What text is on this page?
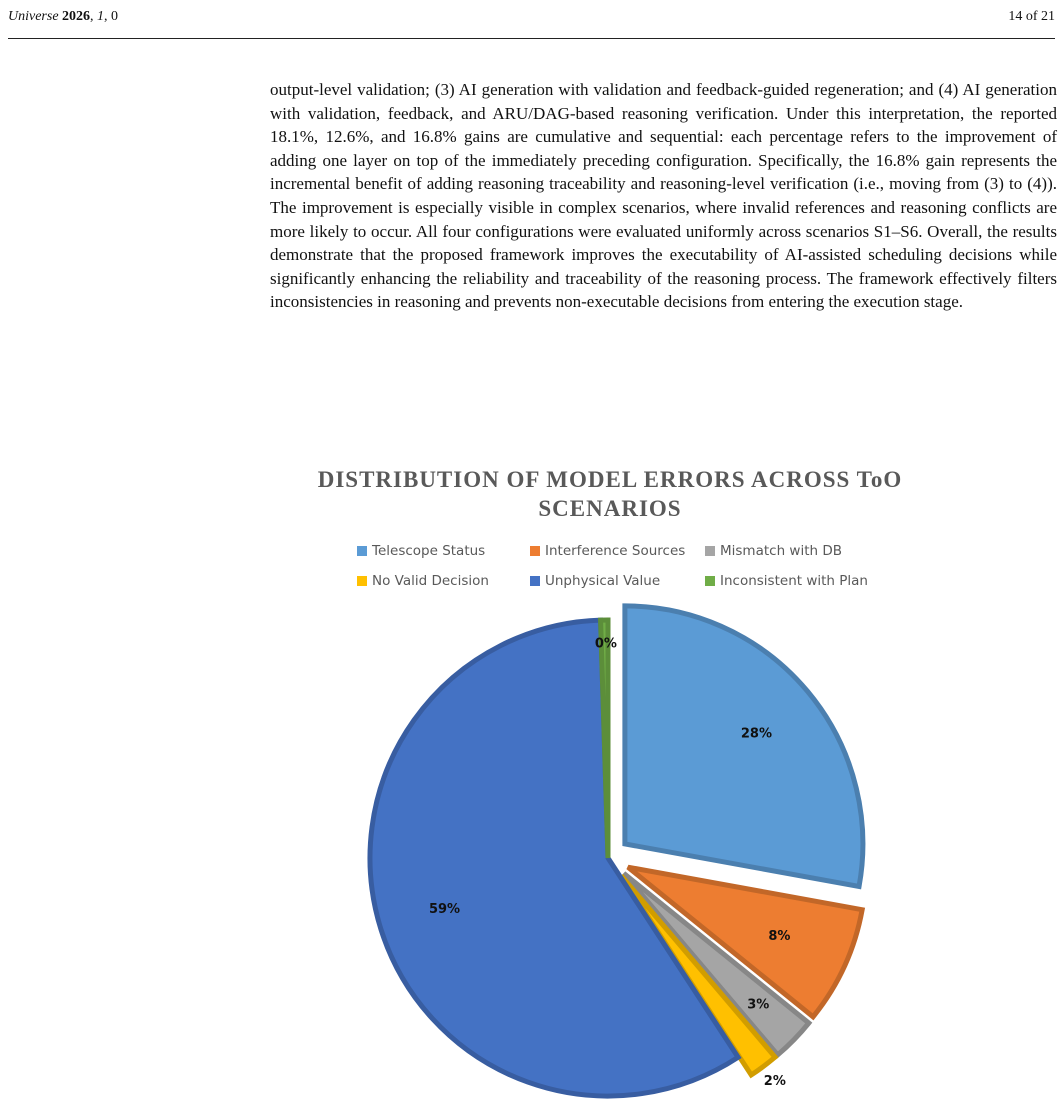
Universe 2026, 1, 0	14 of 21

output-level validation; (3) AI generation with validation and feedback-guided regeneration; and (4) AI generation with validation, feedback, and ARU/DAG-based reasoning verification. Under this interpretation, the reported 18.1%, 12.6%, and 16.8% gains are cumulative and sequential: each percentage refers to the improvement of adding one layer on top of the immediately preceding configuration. Specifically, the 16.8% gain represents the incremental benefit of adding reasoning traceability and reasoning-level verification (i.e., moving from (3) to (4)). The improvement is especially visible in complex scenarios, where invalid references and reasoning conflicts are more likely to occur. All four configurations were evaluated uniformly across scenarios S1–S6. Overall, the results demonstrate that the proposed framework improves the executability of AI-assisted scheduling decisions while significantly enhancing the reliability and traceability of the reasoning process. The framework effectively filters inconsistencies in reasoning and prevents non-executable decisions from entering the execution stage.

DISTRIBUTION OF MODEL ERRORS ACROSS ToO SCENARIOS
Telescope Status	Interference Sources	Mismatch with DB
No Valid Decision	Unphysical Value	Inconsistent with Plan
28%
8%
3%
2%
59%
0%
